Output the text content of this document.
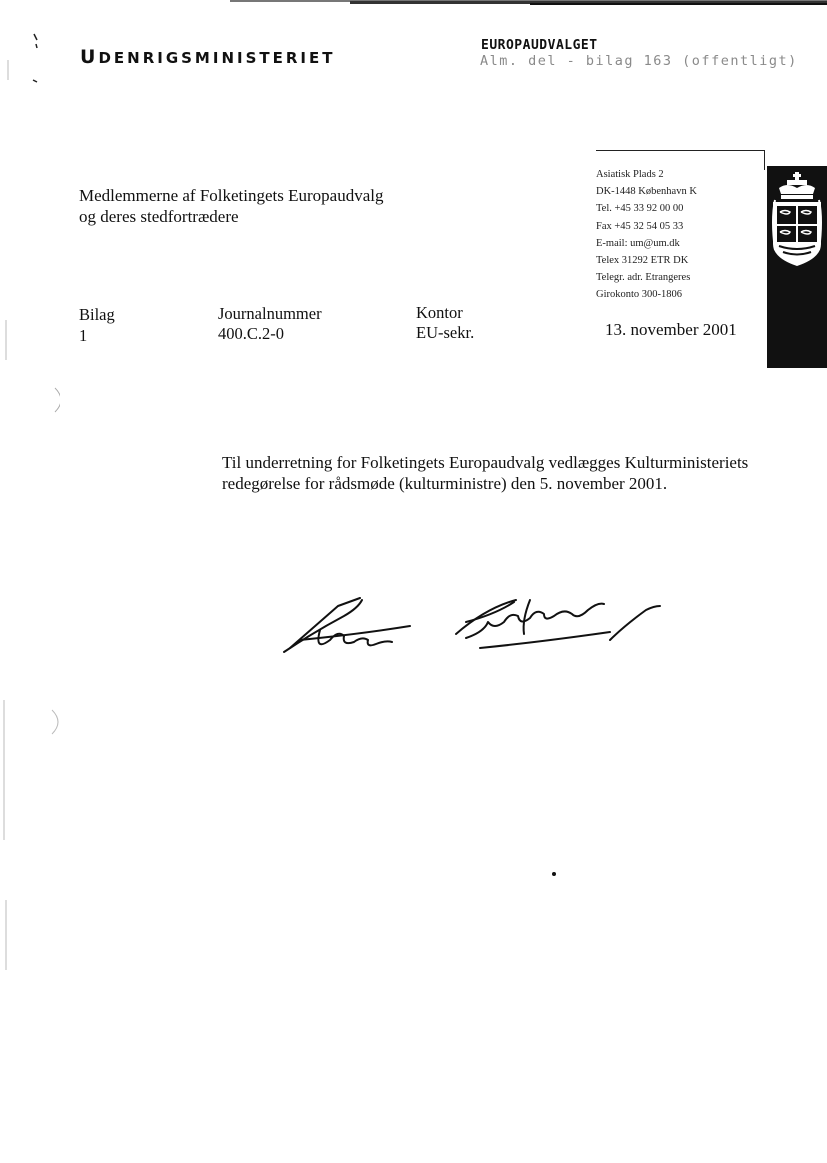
UDENRIGSMINISTERIET
EUROPAUDVALGET
Alm. del - bilag 163 (offentligt)
Medlemmerne af Folketingets Europaudvalg
og deres stedfortrædere
Asiatisk Plads 2
DK-1448 København K
Tel. +45 33 92 00 00
Fax +45 32 54 05 33
E-mail: um@um.dk
Telex 31292 ETR DK
Telegr. adr. Etrangeres
Girokonto 300-1806
Bilag
1
Journalnummer
400.C.2-0
Kontor
EU-sekr.	13. november 2001
Til underretning for Folketingets Europaudvalg vedlægges Kulturministeriets
redegørelse for rådsmøde (kulturministre) den 5. november 2001.
